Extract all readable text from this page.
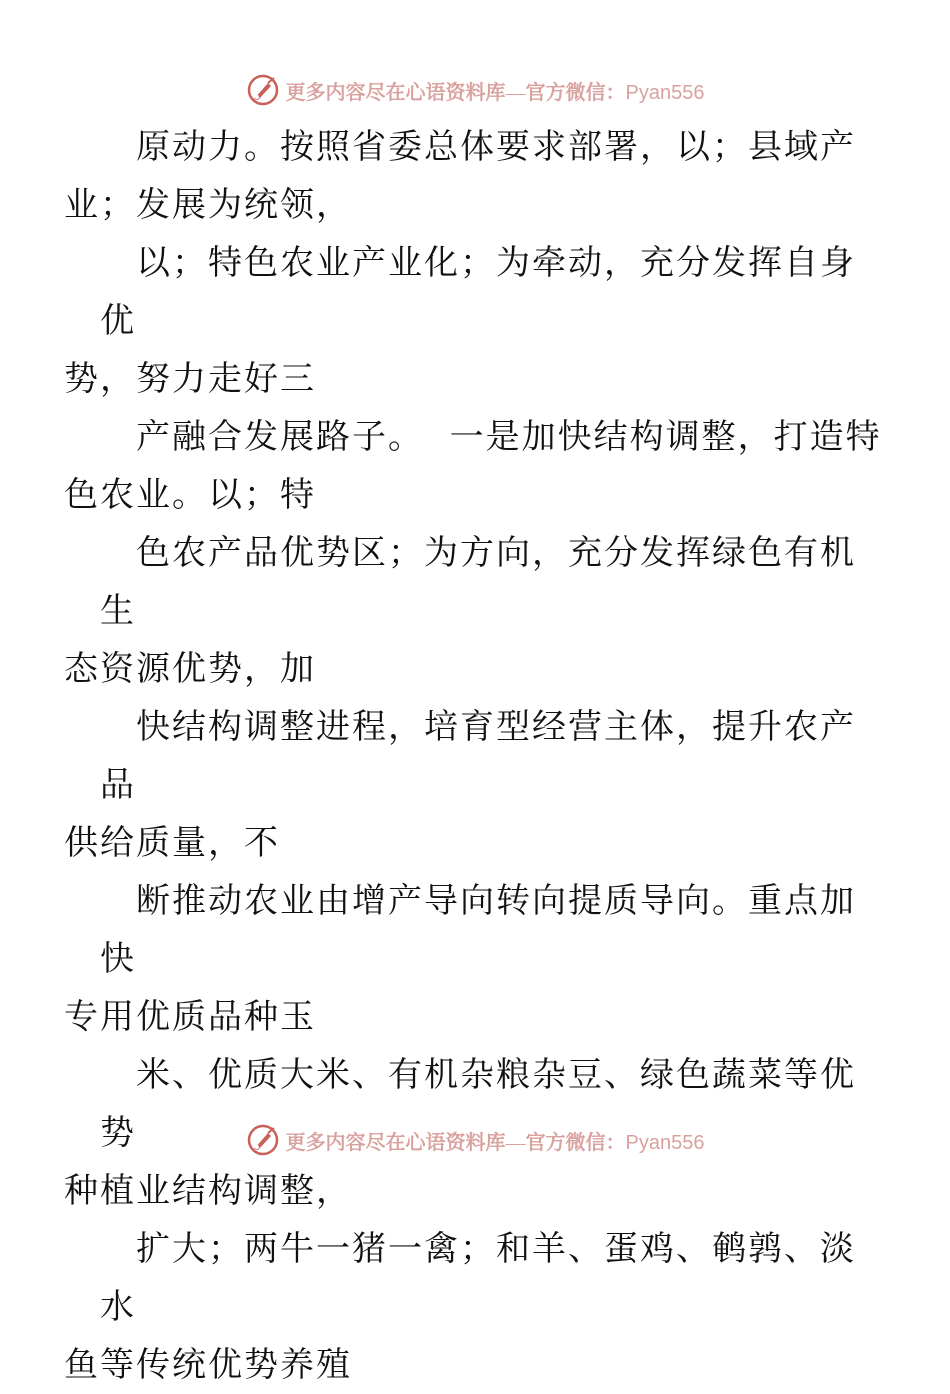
更多内容尽在心语资料库—官方微信：Pyan556

原动力。按照省委总体要求部署，以；县域产
业；发展为统领，

以；特色农业产业化；为牵动，充分发挥自身优
势，努力走好三

产融合发展路子。  一是加快结构调整，打造特
色农业。以；特

色农产品优势区；为方向，充分发挥绿色有机生
态资源优势，加

快结构调整进程，培育型经营主体，提升农产品
供给质量，不

断推动农业由增产导向转向提质导向。重点加快
专用优质品种玉

米、优质大米、有机杂粮杂豆、绿色蔬菜等优势
种植业结构调整，

扩大；两牛一猪一禽；和羊、蛋鸡、鹌鹑、淡水
鱼等传统优势养殖

更多内容尽在心语资料库—官方微信：Pyan556
